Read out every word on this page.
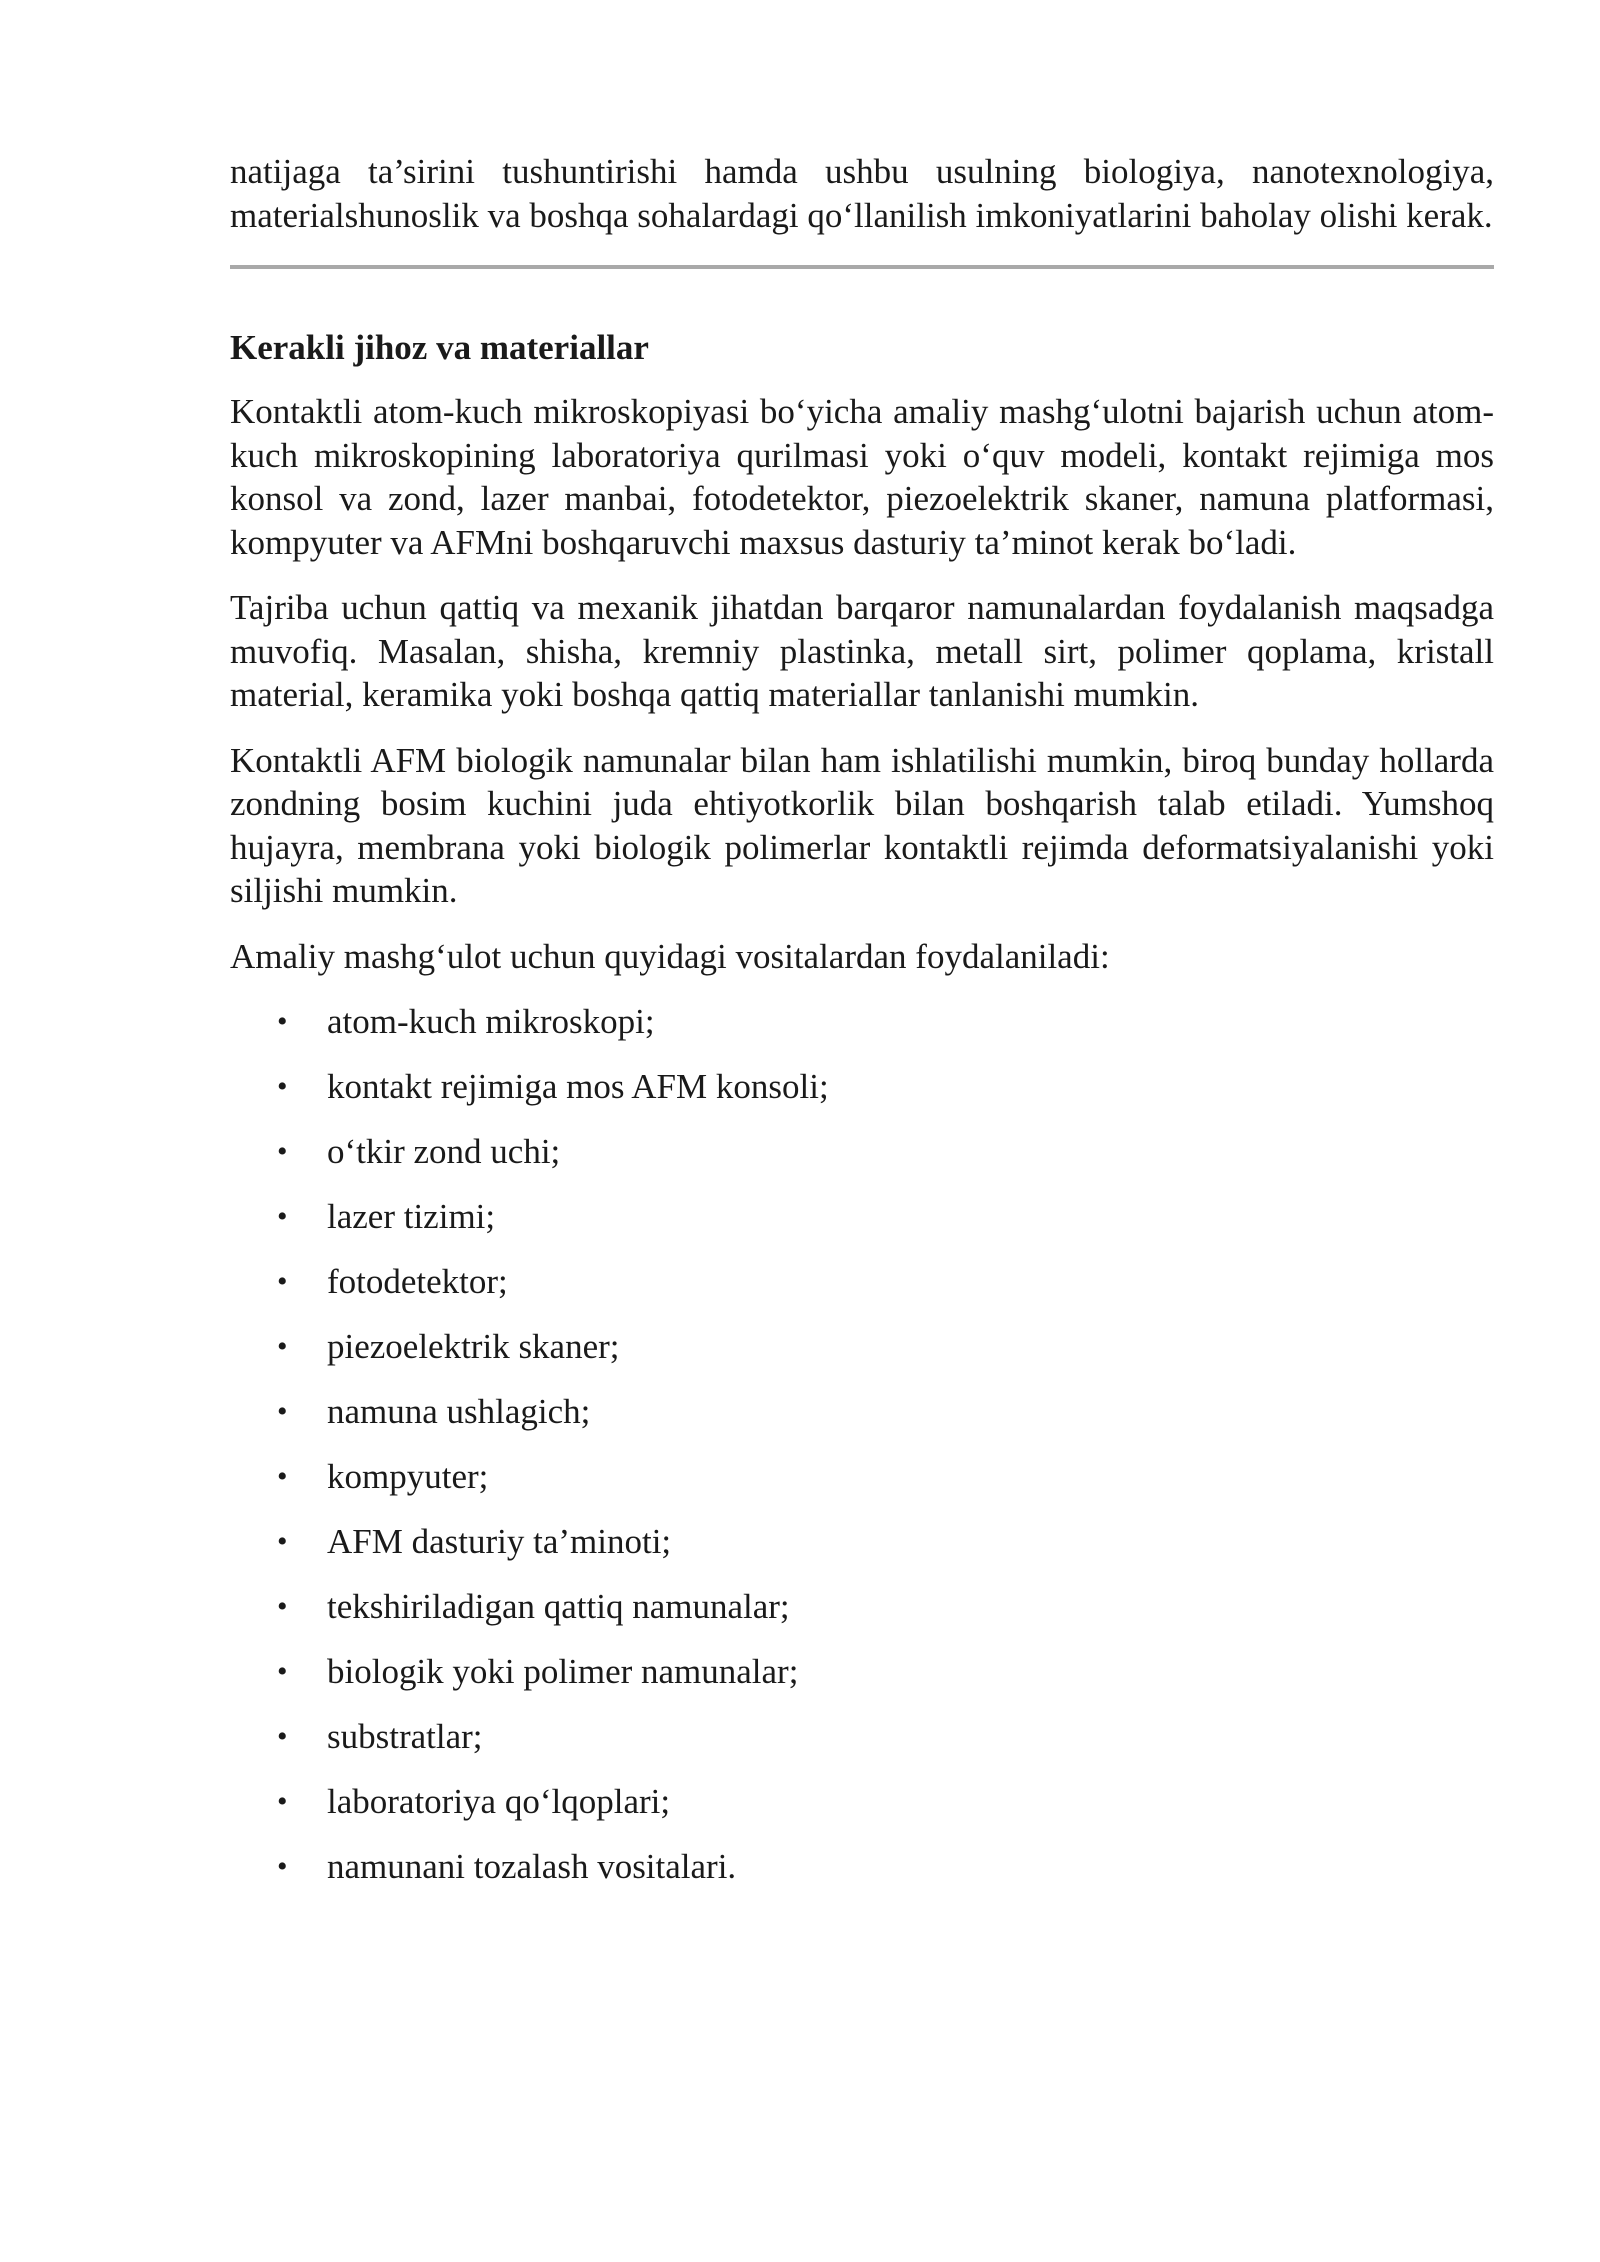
natijaga ta’sirini tushuntirishi hamda ushbu usulning biologiya, nanotexnologiya, materialshunoslik va boshqa sohalardagi qo‘llanilish imkoniyatlarini baholay olishi kerak.

Kerakli jihoz va materiallar

Kontaktli atom-kuch mikroskopiyasi bo‘yicha amaliy mashg‘ulotni bajarish uchun atom-kuch mikroskopining laboratoriya qurilmasi yoki o‘quv modeli, kontakt rejimiga mos konsol va zond, lazer manbai, fotodetektor, piezoelektrik skaner, namuna platformasi, kompyuter va AFMni boshqaruvchi maxsus dasturiy ta’minot kerak bo‘ladi.

Tajriba uchun qattiq va mexanik jihatdan barqaror namunalardan foydalanish maqsadga muvofiq. Masalan, shisha, kremniy plastinka, metall sirt, polimer qoplama, kristall material, keramika yoki boshqa qattiq materiallar tanlanishi mumkin.

Kontaktli AFM biologik namunalar bilan ham ishlatilishi mumkin, biroq bunday hollarda zondning bosim kuchini juda ehtiyotkorlik bilan boshqarish talab etiladi. Yumshoq hujayra, membrana yoki biologik polimerlar kontaktli rejimda deformatsiyalanishi yoki siljishi mumkin.

Amaliy mashg‘ulot uchun quyidagi vositalardan foydalaniladi:

• atom-kuch mikroskopi;
• kontakt rejimiga mos AFM konsoli;
• o‘tkir zond uchi;
• lazer tizimi;
• fotodetektor;
• piezoelektrik skaner;
• namuna ushlagich;
• kompyuter;
• AFM dasturiy ta’minoti;
• tekshiriladigan qattiq namunalar;
• biologik yoki polimer namunalar;
• substratlar;
• laboratoriya qo‘lqoplari;
• namunani tozalash vositalari.
